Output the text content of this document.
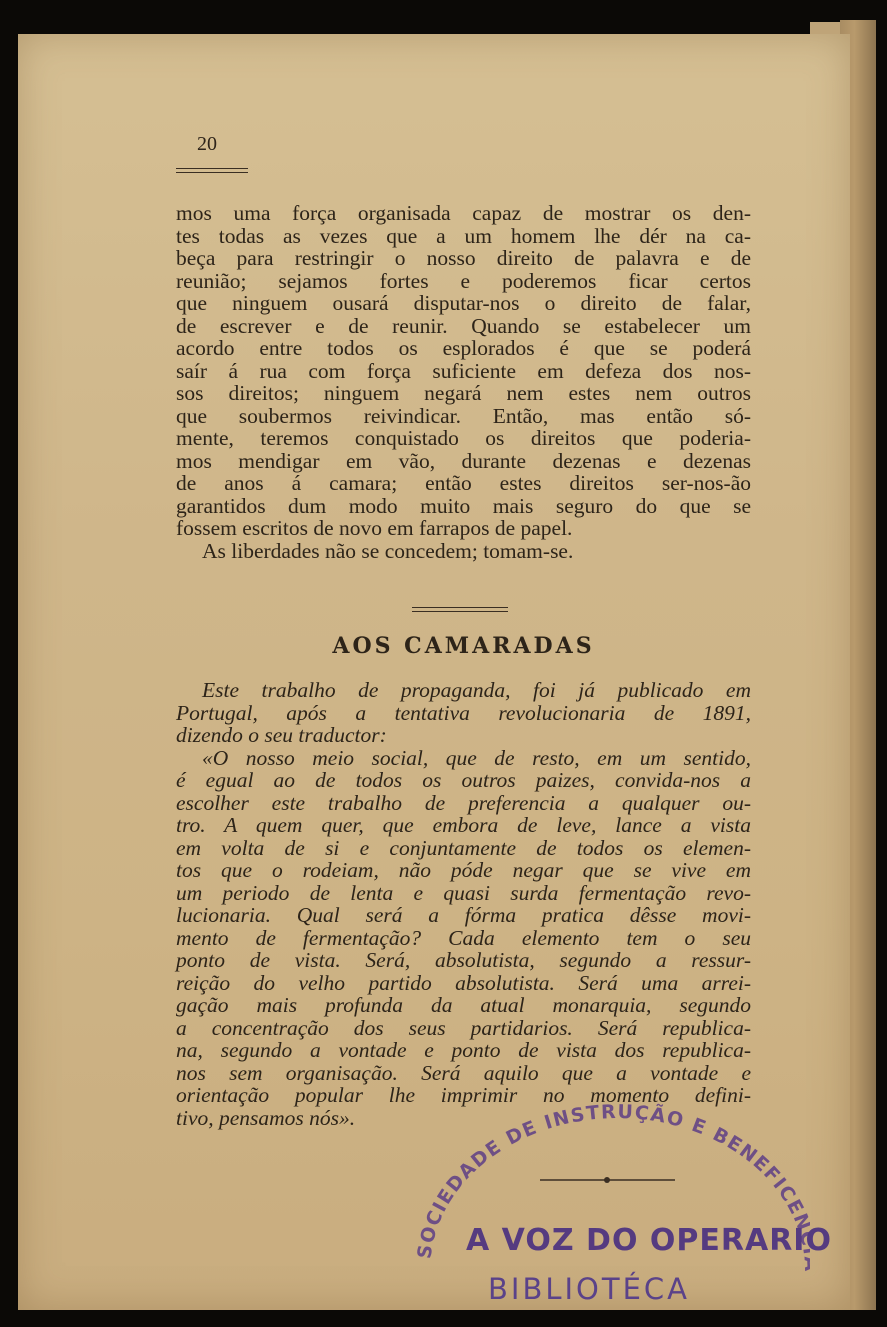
20
mos uma força organisada capaz de mostrar os den-
tes todas as vezes que a um homem lhe dér na ca-
beça para restringir o nosso direito de palavra e de
reunião; sejamos fortes e poderemos ficar certos
que ninguem ousará disputar-nos o direito de falar,
de escrever e de reunir. Quando se estabelecer um
acordo entre todos os esplorados é que se poderá
saír á rua com força suficiente em defeza dos nos-
sos direitos; ninguem negará nem estes nem outros
que soubermos reivindicar. Então, mas então só-
mente, teremos conquistado os direitos que poderia-
mos mendigar em vão, durante dezenas e dezenas
de anos á camara; então estes direitos ser-nos-ão
garantidos dum modo muito mais seguro do que se
fossem escritos de novo em farrapos de papel.
As liberdades não se concedem; tomam-se.
AOS CAMARADAS
Este trabalho de propaganda, foi já publicado em
Portugal, após a tentativa revolucionaria de 1891,
dizendo o seu traductor:
«O nosso meio social, que de resto, em um sentido,
é egual ao de todos os outros paizes, convida-nos a
escolher este trabalho de preferencia a qualquer ou-
tro. A quem quer, que embora de leve, lance a vista
em volta de si e conjuntamente de todos os elemen-
tos que o rodeiam, não póde negar que se vive em
um periodo de lenta e quasi surda fermentação revo-
lucionaria. Qual será a fórma pratica dêsse movi-
mento de fermentação? Cada elemento tem o seu
ponto de vista. Será, absolutista, segundo a ressur-
reição do velho partido absolutista. Será uma arrei-
gação mais profunda da atual monarquia, segundo
a concentração dos seus partidarios. Será republica-
na, segundo a vontade e ponto de vista dos republica-
nos sem organisação. Será aquilo que a vontade e
orientação popular lhe imprimir no momento defini-
tivo, pensamos nós».
SOCIEDADE DE INSTRUÇÃO E BENEFICE
A VOZ DO OPERARIO
BIBLIOTÉCA
